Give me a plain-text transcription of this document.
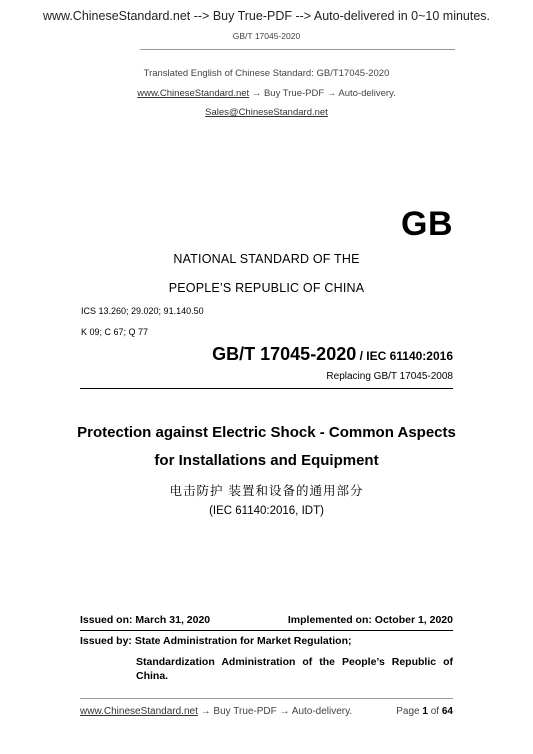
www.ChineseStandard.net --> Buy True-PDF --> Auto-delivered in 0~10 minutes.
GB/T 17045-2020
Translated English of Chinese Standard: GB/T17045-2020
www.ChineseStandard.net → Buy True-PDF → Auto-delivery.
Sales@ChineseStandard.net
GB
NATIONAL STANDARD OF THE
PEOPLE’S REPUBLIC OF CHINA
ICS 13.260; 29.020; 91.140.50
K 09; C 67; Q 77
GB/T 17045-2020 / IEC 61140:2016
Replacing GB/T 17045-2008
Protection against Electric Shock - Common Aspects
for Installations and Equipment
电击防护 装置和设备的通用部分
(IEC 61140:2016, IDT)
Issued on: March 31, 2020	Implemented on: October 1, 2020
Issued by: State Administration for Market Regulation;
Standardization Administration of the People’s Republic of China.
www.ChineseStandard.net → Buy True-PDF → Auto-delivery.	Page 1 of 64
